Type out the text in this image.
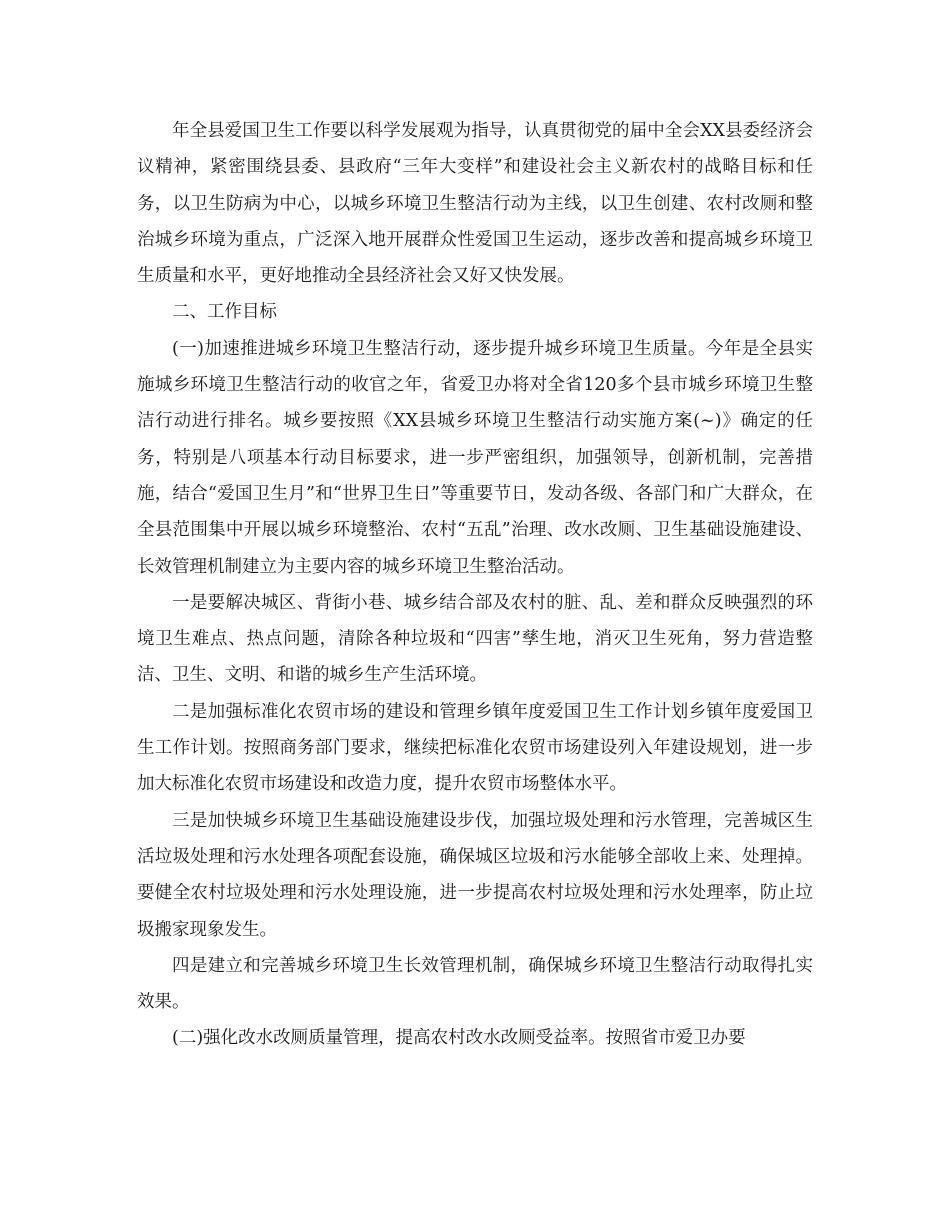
年全县爱国卫生工作要以科学发展观为指导，认真贯彻党的届中全会XX县委经济会议精神，紧密围绕县委、县政府“三年大变样”和建设社会主义新农村的战略目标和任务，以卫生防病为中心，以城乡环境卫生整洁行动为主线，以卫生创建、农村改厕和整治城乡环境为重点，广泛深入地开展群众性爱国卫生运动，逐步改善和提高城乡环境卫生质量和水平，更好地推动全县经济社会又好又快发展。

二、工作目标

(一)加速推进城乡环境卫生整洁行动，逐步提升城乡环境卫生质量。今年是全县实施城乡环境卫生整洁行动的收官之年，省爱卫办将对全省120多个县市城乡环境卫生整洁行动进行排名。城乡要按照《XX县城乡环境卫生整洁行动实施方案(~)》确定的任务，特别是八项基本行动目标要求，进一步严密组织，加强领导，创新机制，完善措施，结合“爱国卫生月”和“世界卫生日”等重要节日，发动各级、各部门和广大群众，在全县范围集中开展以城乡环境整治、农村“五乱”治理、改水改厕、卫生基础设施建设、长效管理机制建立为主要内容的城乡环境卫生整治活动。

一是要解决城区、背街小巷、城乡结合部及农村的脏、乱、差和群众反映强烈的环境卫生难点、热点问题，清除各种垃圾和“四害”孳生地，消灭卫生死角，努力营造整洁、卫生、文明、和谐的城乡生产生活环境。

二是加强标准化农贸市场的建设和管理乡镇年度爱国卫生工作计划乡镇年度爱国卫生工作计划。按照商务部门要求，继续把标准化农贸市场建设列入年建设规划，进一步加大标准化农贸市场建设和改造力度，提升农贸市场整体水平。

三是加快城乡环境卫生基础设施建设步伐，加强垃圾处理和污水管理，完善城区生活垃圾处理和污水处理各项配套设施，确保城区垃圾和污水能够全部收上来、处理掉。要健全农村垃圾处理和污水处理设施，进一步提高农村垃圾处理和污水处理率，防止垃圾搬家现象发生。

四是建立和完善城乡环境卫生长效管理机制，确保城乡环境卫生整洁行动取得扎实效果。

(二)强化改水改厕质量管理，提高农村改水改厕受益率。按照省市爱卫办要
